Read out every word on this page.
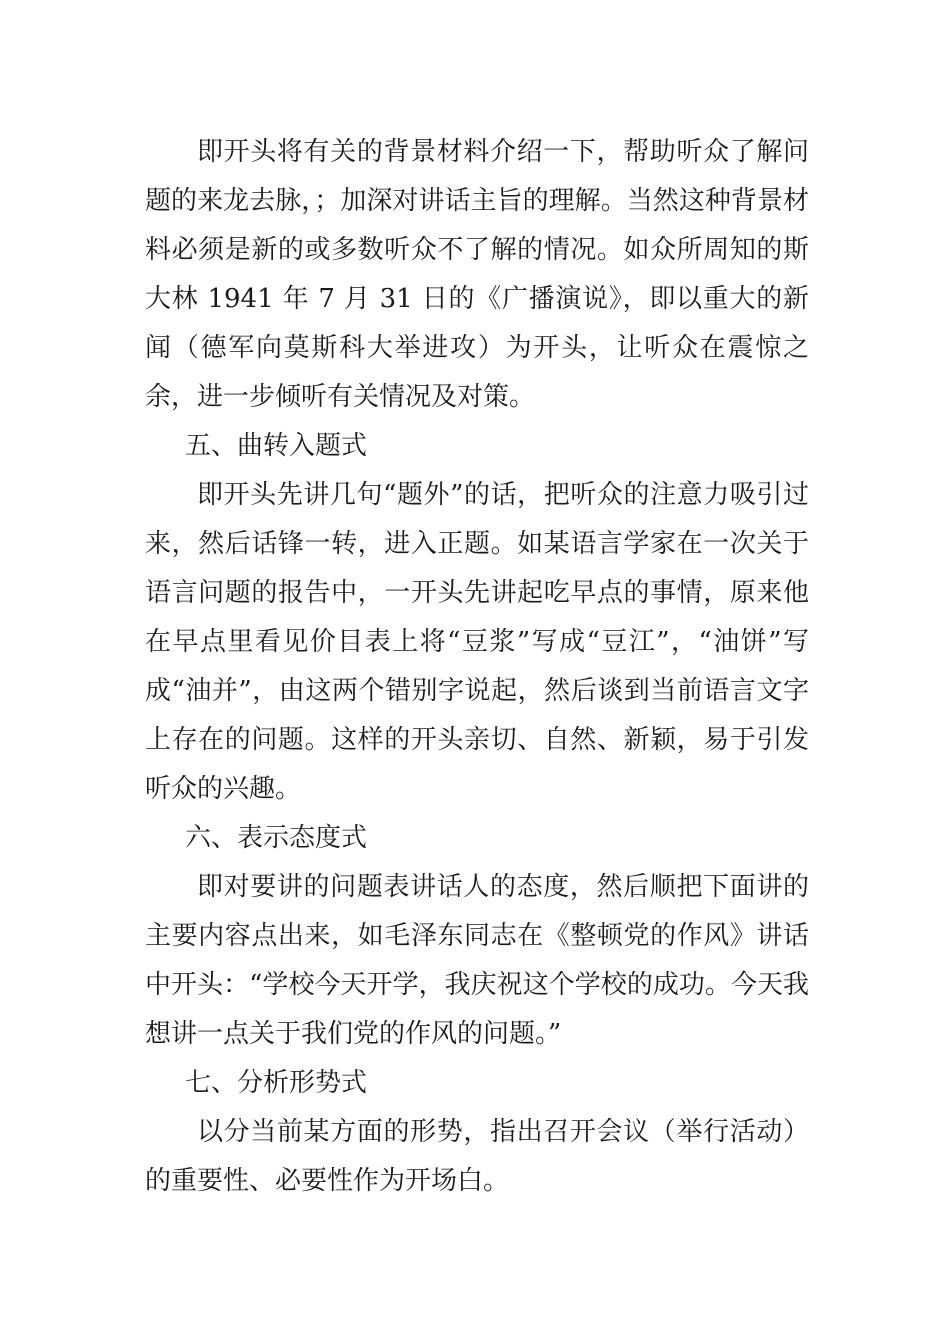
即开头将有关的背景材料介绍一下，帮助听众了解问题的来龙去脉，；加深对讲话主旨的理解。当然这种背景材料必须是新的或多数听众不了解的情况。如众所周知的斯大林 1941 年 7 月 31 日的《广播演说》，即以重大的新闻（德军向莫斯科大举进攻）为开头，让听众在震惊之余，进一步倾听有关情况及对策。

五、曲转入题式

即开头先讲几句“题外”的话，把听众的注意力吸引过来，然后话锋一转，进入正题。如某语言学家在一次关于语言问题的报告中，一开头先讲起吃早点的事情，原来他在早点里看见价目表上将“豆浆”写成“豆江”，“油饼”写成“油并”，由这两个错别字说起，然后谈到当前语言文字上存在的问题。这样的开头亲切、自然、新颖，易于引发听众的兴趣。

六、表示态度式

即对要讲的问题表讲话人的态度，然后顺把下面讲的主要内容点出来，如毛泽东同志在《整顿党的作风》讲话中开头：“学校今天开学，我庆祝这个学校的成功。今天我想讲一点关于我们党的作风的问题。”

七、分析形势式

以分当前某方面的形势，指出召开会议（举行活动）的重要性、必要性作为开场白。
